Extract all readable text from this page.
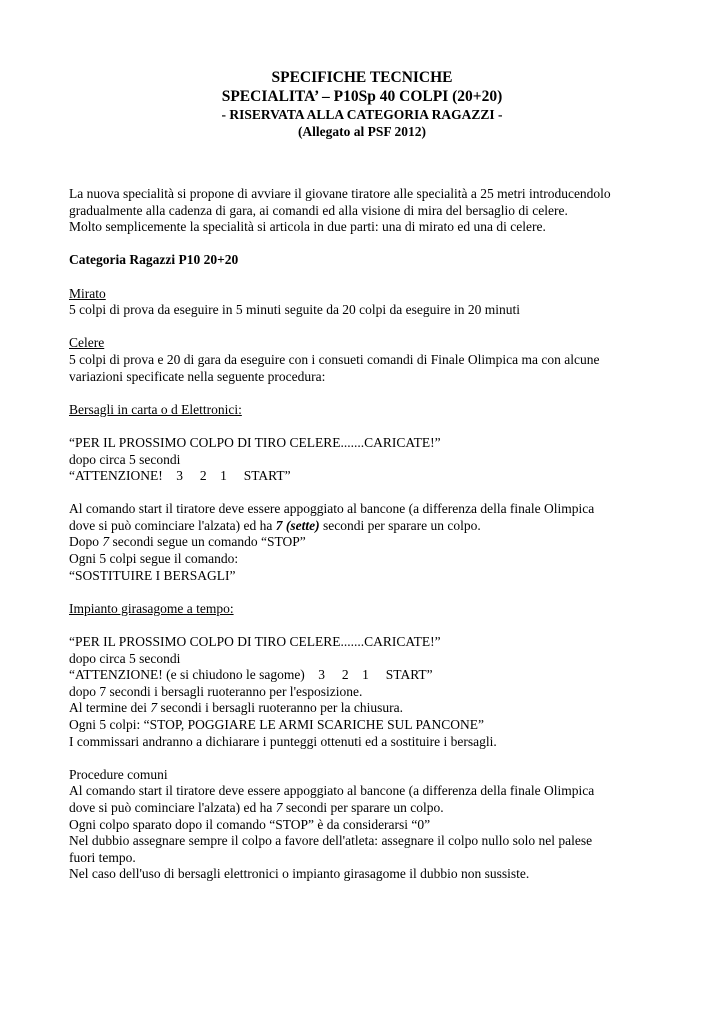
SPECIFICHE TECNICHE
SPECIALITA’ – P10Sp 40 COLPI (20+20)
- RISERVATA ALLA CATEGORIA RAGAZZI -
(Allegato al PSF 2012)
La nuova specialità si propone di avviare il giovane tiratore alle specialità a 25 metri introducendolo
gradualmente alla cadenza di gara, ai comandi ed alla visione di mira del bersaglio di celere.
Molto semplicemente la specialità si articola in due parti: una di mirato ed una di celere.
Categoria Ragazzi P10 20+20
Mirato
5 colpi di prova da eseguire in 5 minuti seguite da 20 colpi da eseguire in 20 minuti
Celere
5 colpi di prova e 20 di gara da eseguire con i consueti comandi di Finale Olimpica ma con alcune
variazioni specificate nella seguente procedura:
Bersagli in carta o d Elettronici:
“PER IL PROSSIMO COLPO DI TIRO CELERE.......CARICATE!”
dopo circa 5 secondi
“ATTENZIONE!    3     2    1     START”
Al comando start il tiratore deve essere appoggiato al bancone (a differenza della finale Olimpica
dove si può cominciare l'alzata) ed ha 7 (sette) secondi per sparare un colpo.
Dopo 7 secondi segue un comando “STOP”
Ogni 5 colpi segue il comando:
“SOSTITUIRE I BERSAGLI”
Impianto girasagome a tempo:
“PER IL PROSSIMO COLPO DI TIRO CELERE.......CARICATE!”
dopo circa 5 secondi
“ATTENZIONE! (e si chiudono le sagome)    3     2    1     START”
dopo 7 secondi i bersagli ruoteranno per l'esposizione.
Al termine dei 7 secondi i bersagli ruoteranno per la chiusura.
Ogni 5 colpi: “STOP, POGGIARE LE ARMI SCARICHE SUL PANCONE”
I commissari andranno a dichiarare i punteggi ottenuti ed a sostituire i bersagli.
Procedure comuni
Al comando start il tiratore deve essere appoggiato al bancone (a differenza della finale Olimpica
dove si può cominciare l'alzata) ed ha 7 secondi per sparare un colpo.
Ogni colpo sparato dopo il comando “STOP” è da considerarsi “0”
Nel dubbio assegnare sempre il colpo a favore dell'atleta: assegnare il colpo nullo solo nel palese
fuori tempo.
Nel caso dell'uso di bersagli elettronici o impianto girasagome il dubbio non sussiste.
